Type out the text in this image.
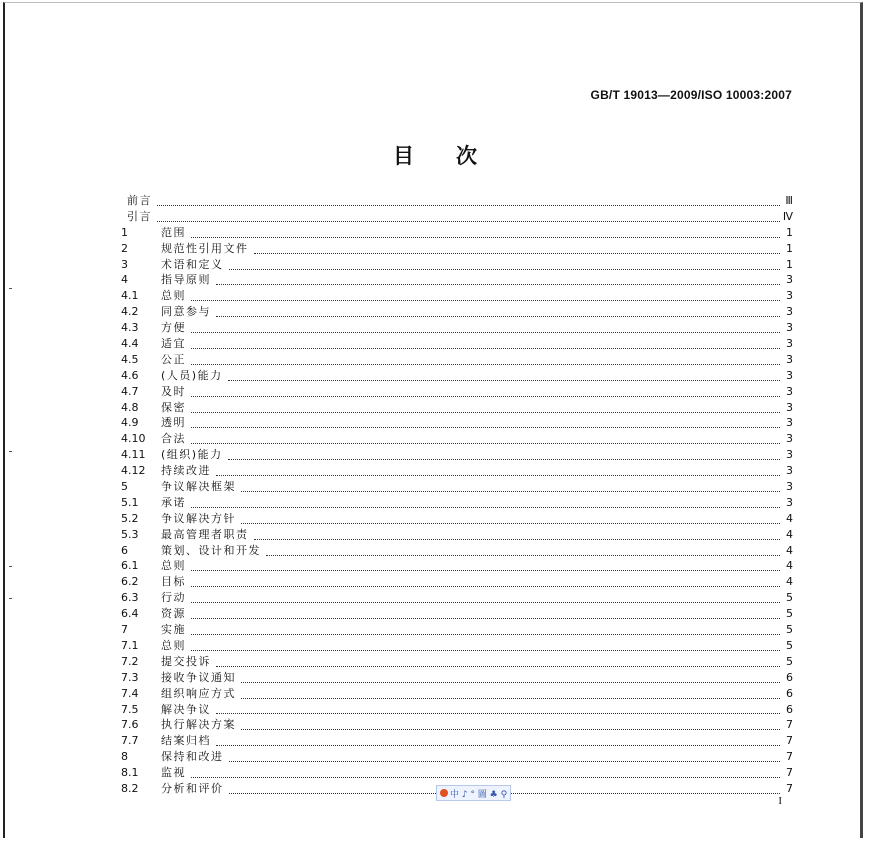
GB/T 19013—2009/ISO 10003:2007
目次
前言	Ⅲ
引言	Ⅳ
1	范围	1
2	规范性引用文件	1
3	术语和定义	1
4	指导原则	3
4.1	总则	3
4.2	同意参与	3
4.3	方便	3
4.4	适宜	3
4.5	公正	3
4.6	(人员)能力	3
4.7	及时	3
4.8	保密	3
4.9	透明	3
4.10	合法	3
4.11	(组织)能力	3
4.12	持续改进	3
5	争议解决框架	3
5.1	承诺	3
5.2	争议解决方针	4
5.3	最高管理者职责	4
6	策划、设计和开发	4
6.1	总则	4
6.2	目标	4
6.3	行动	5
6.4	资源	5
7	实施	5
7.1	总则	5
7.2	提交投诉	5
7.3	接收争议通知	6
7.4	组织响应方式	6
7.5	解决争议	6
7.6	执行解决方案	7
7.7	结案归档	7
8	保持和改进	7
8.1	监视	7
8.2	分析和评价	7
中 ♪ ° 圖 ♣ ⚲
I
